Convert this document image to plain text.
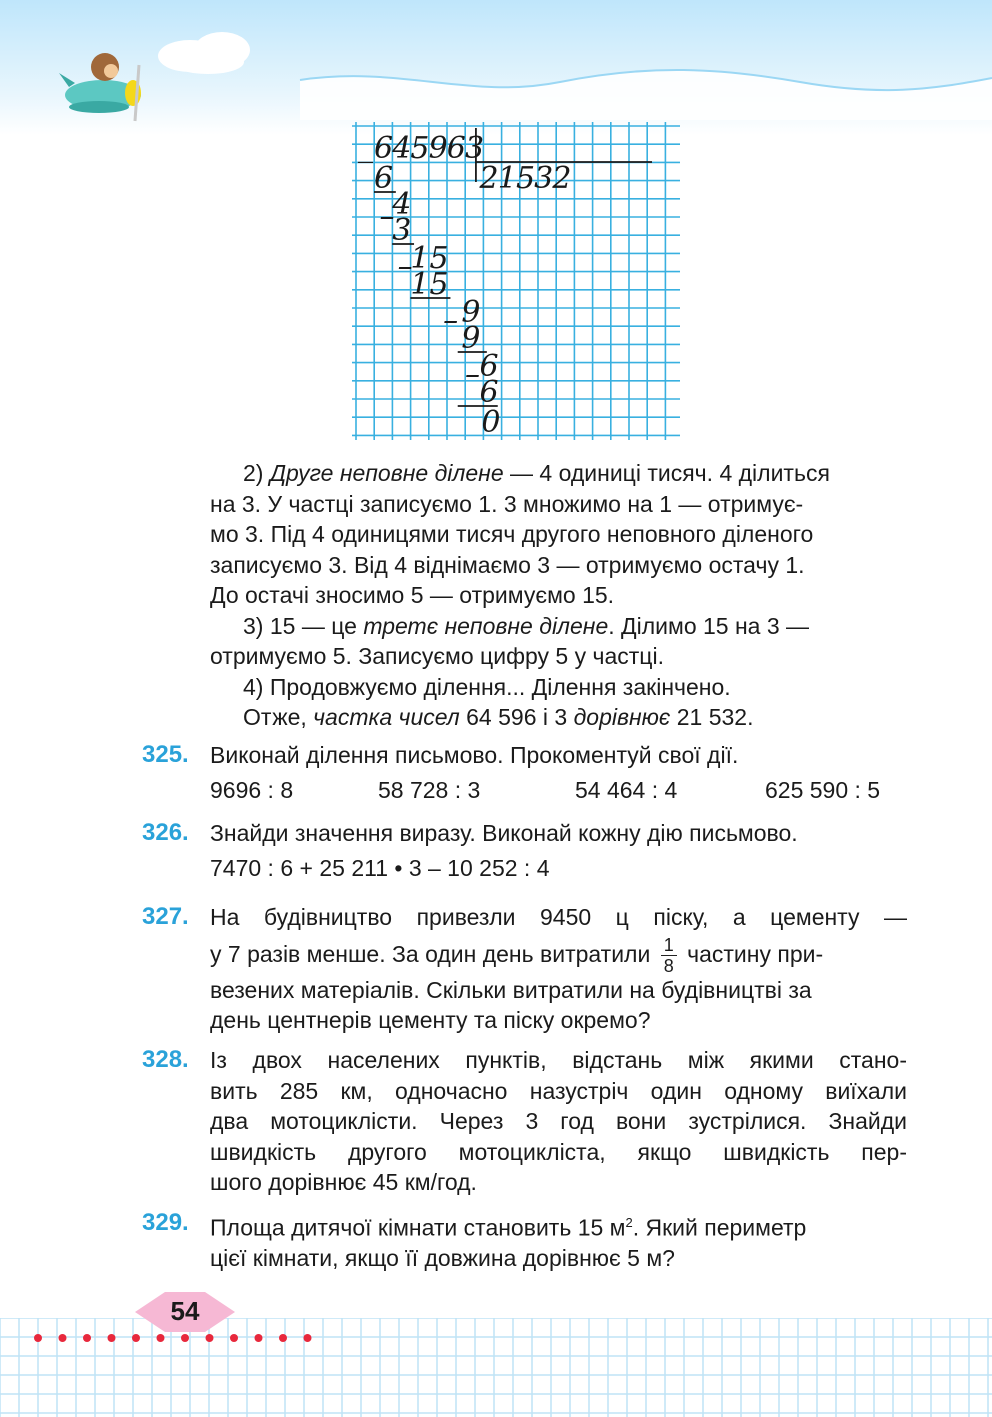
6 4 5 9 6 3
_
2 1 5 3 2
6
4
–
3
15
–
15
9
–
9
6
–
6
0
2) Друге неповне ділене — 4 одиниці тисяч. 4 ділиться
на 3. У частці записуємо 1. 3 множимо на 1 — отримує-
мо 3. Під 4 одиницями тисяч другого неповного діленого
записуємо 3. Від 4 віднімаємо 3 — отримуємо остачу 1.
До остачі зносимо 5 — отримуємо 15.
3) 15 — це третє неповне ділене. Ділимо 15 на 3 —
отримуємо 5. Записуємо цифру 5 у частці.
4) Продовжуємо ділення... Ділення закінчено.
Отже, частка чисел 64 596 і 3 дорівнює 21 532.
325. Виконай ділення письмово. Прокоментуй свої дії.
9696 : 8	58 728 : 3	54 464 : 4	625 590 : 5
326. Знайди значення виразу. Виконай кожну дію письмово.
7470 : 6 + 25 211 • 3 – 10 252 : 4
327. На будівництво привезли 9450 ц піску, а цементу —
у 7 разів менше. За один день витратили $\frac{1}{8}$ частину при-
везених матеріалів. Скільки витратили на будівництві за
день центнерів цементу та піску окремо?
328. Із двох населених пунктів, відстань між якими стано-
вить 285 км, одночасно назустріч один одному виїхали
два мотоциклісти. Через 3 год вони зустрілися. Знайди
швидкість другого мотоцикліста, якщо швидкість пер-
шого дорівнює 45 км/год.
329. Площа дитячої кімнати становить 15 $м^2$. Який периметр
цієї кімнати, якщо її довжина дорівнює 5 м?
54
